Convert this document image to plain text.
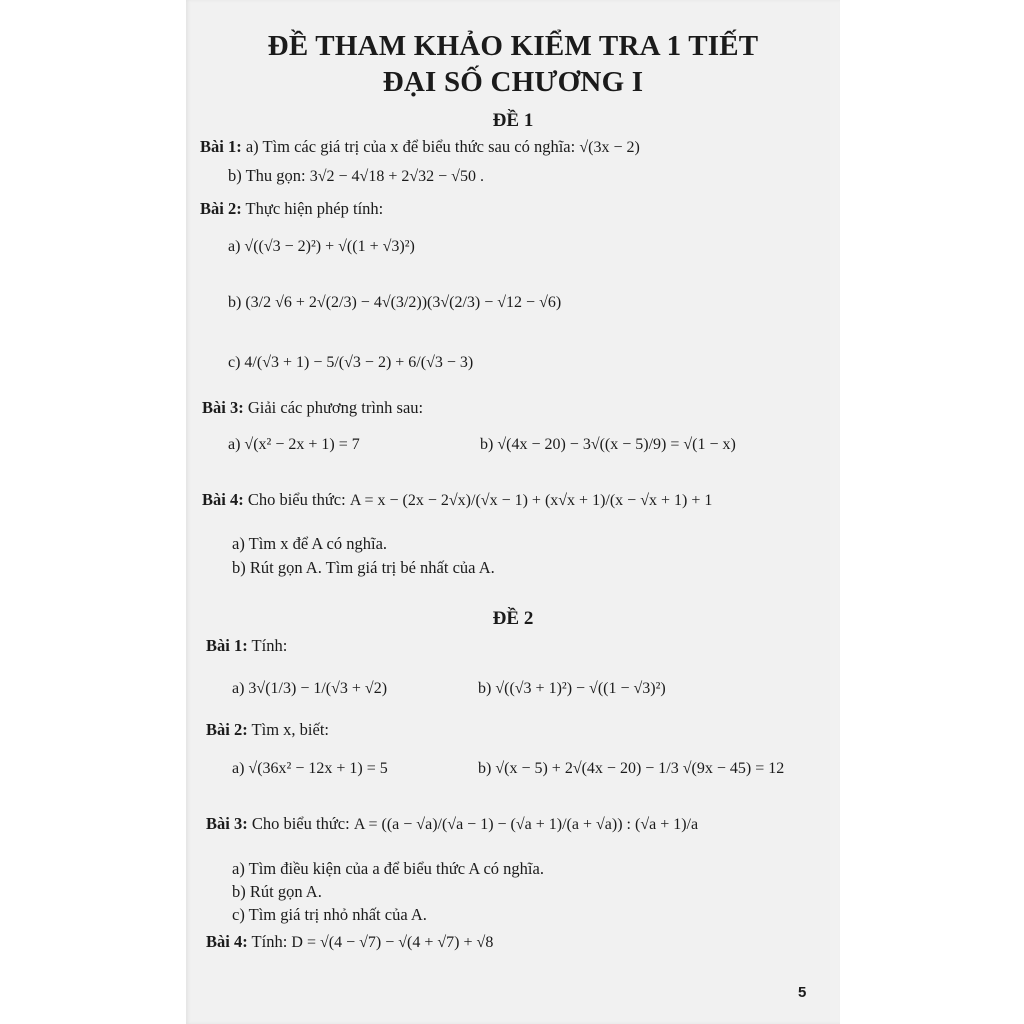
ĐỀ THAM KHẢO KIỂM TRA 1 TIẾT
ĐẠI SỐ CHƯƠNG I
ĐỀ 1
Bài 1: a) Tìm các giá trị của x để biểu thức sau có nghĩa: √(3x − 2)
b) Thu gọn: 3√2 − 4√18 + 2√32 − √50 .
Bài 2: Thực hiện phép tính:
a) √((√3 − 2)²) + √((1 + √3)²)
b) (3/2 √6 + 2√(2/3) − 4√(3/2))(3√(2/3) − √12 − √6)
c) 4/(√3 + 1) − 5/(√3 − 2) + 6/(√3 − 3)
Bài 3: Giải các phương trình sau:
a) √(x² − 2x + 1) = 7	b) √(4x − 20) − 3√((x − 5)/9) = √(1 − x)
Bài 4: Cho biểu thức: A = x − (2x − 2√x)/(√x − 1) + (x√x + 1)/(x − √x + 1) + 1
a) Tìm x để A có nghĩa.
b) Rút gọn A. Tìm giá trị bé nhất của A.
ĐỀ 2
Bài 1: Tính:
a) 3√(1/3) − 1/(√3 + √2)	b) √((√3 + 1)²) − √((1 − √3)²)
Bài 2: Tìm x, biết:
a) √(36x² − 12x + 1) = 5	b) √(x − 5) + 2√(4x − 20) − 1/3 √(9x − 45) = 12
Bài 3: Cho biểu thức: A = ((a − √a)/(√a − 1) − (√a + 1)/(a + √a)) : (√a + 1)/a
a) Tìm điều kiện của a để biểu thức A có nghĩa.
b) Rút gọn A.
c) Tìm giá trị nhỏ nhất của A.
Bài 4: Tính: D = √(4 − √7) − √(4 + √7) + √8
5
